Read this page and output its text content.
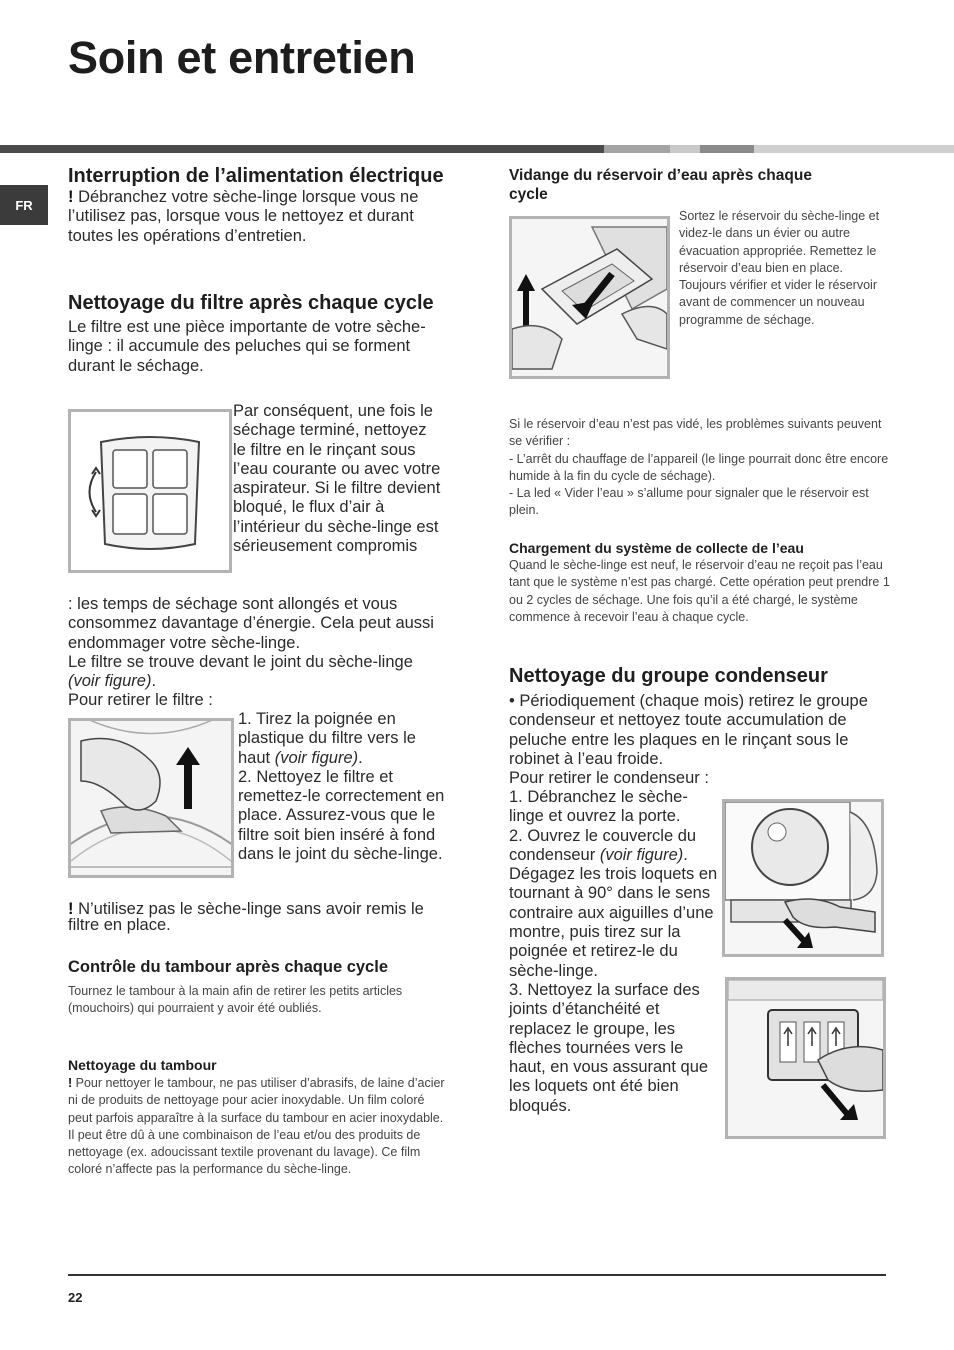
Soin et entretien
FR
Interruption de l’alimentation électrique

! Débranchez votre sèche-linge lorsque vous ne l’utilisez pas, lorsque vous le nettoyez et durant toutes les opérations d’entretien.

Nettoyage du filtre après chaque cycle

Le filtre est une pièce importante de votre sèche-linge : il accumule des peluches qui se forment durant le séchage.

Par conséquent, une fois le séchage terminé, nettoyez le filtre en le rinçant sous l’eau courante ou avec votre aspirateur. Si le filtre devient bloqué, le flux d’air à l’intérieur du sèche-linge est sérieusement compromis

: les temps de séchage sont allongés et vous consommez davantage d’énergie. Cela peut aussi endommager votre sèche-linge.

Le filtre se trouve devant le joint du sèche-linge (voir figure).

Pour retirer le filtre :

1. Tirez la poignée en plastique du filtre vers le haut (voir figure).

2. Nettoyez le filtre et remettez-le correctement en place. Assurez-vous que le filtre soit bien inséré à fond dans le joint du sèche-linge.

! N’utilisez pas le sèche-linge sans avoir remis le filtre en place.

Contrôle du tambour après chaque cycle

Tournez le tambour à la main afin de retirer les petits articles (mouchoirs) qui pourraient y avoir été oubliés.

Nettoyage du tambour

! Pour nettoyer le tambour, ne pas utiliser d’abrasifs, de laine d’acier ni de produits de nettoyage pour acier inoxydable. Un film coloré peut parfois apparaître à la surface du tambour en acier inoxydable. Il peut être dû à une combinaison de l’eau et/ou des produits de nettoyage (ex. adoucissant textile provenant du lavage). Ce film coloré n’affecte pas la performance du sèche-linge.

Vidange du réservoir d’eau après chaque cycle

Sortez le réservoir du sèche-linge et videz-le dans un évier ou autre évacuation appropriée. Remettez le réservoir d’eau bien en place. Toujours vérifier et vider le réservoir avant de commencer un nouveau programme de séchage.

Si le réservoir d’eau n’est pas vidé, les problèmes suivants peuvent se vérifier :

- L’arrêt du chauffage de l’appareil (le linge pourrait donc être encore humide à la fin du cycle de séchage).

- La led « Vider l’eau » s’allume pour signaler que le réservoir est plein.

Chargement du système de collecte de l’eau

Quand le sèche-linge est neuf, le réservoir d’eau ne reçoit pas l’eau tant que le système n’est pas chargé. Cette opération peut prendre 1 ou 2 cycles de séchage. Une fois qu’il a été chargé, le système commence à recevoir l’eau à chaque cycle.

Nettoyage du groupe condenseur

• Périodiquement (chaque mois) retirez le groupe condenseur et nettoyez toute accumulation de peluche entre les plaques en le rinçant sous le robinet à l’eau froide.

Pour retirer le condenseur :

1. Débranchez le sèche-linge et ouvrez la porte.

2. Ouvrez le couvercle du condenseur (voir figure). Dégagez les trois loquets en tournant à 90° dans le sens contraire aux aiguilles d’une montre, puis tirez sur la poignée et retirez-le du sèche-linge.

3. Nettoyez la surface des joints d’étanchéité et replacez le groupe, les flèches tournées vers le haut, en vous assurant que les loquets ont été bien bloqués.

22
